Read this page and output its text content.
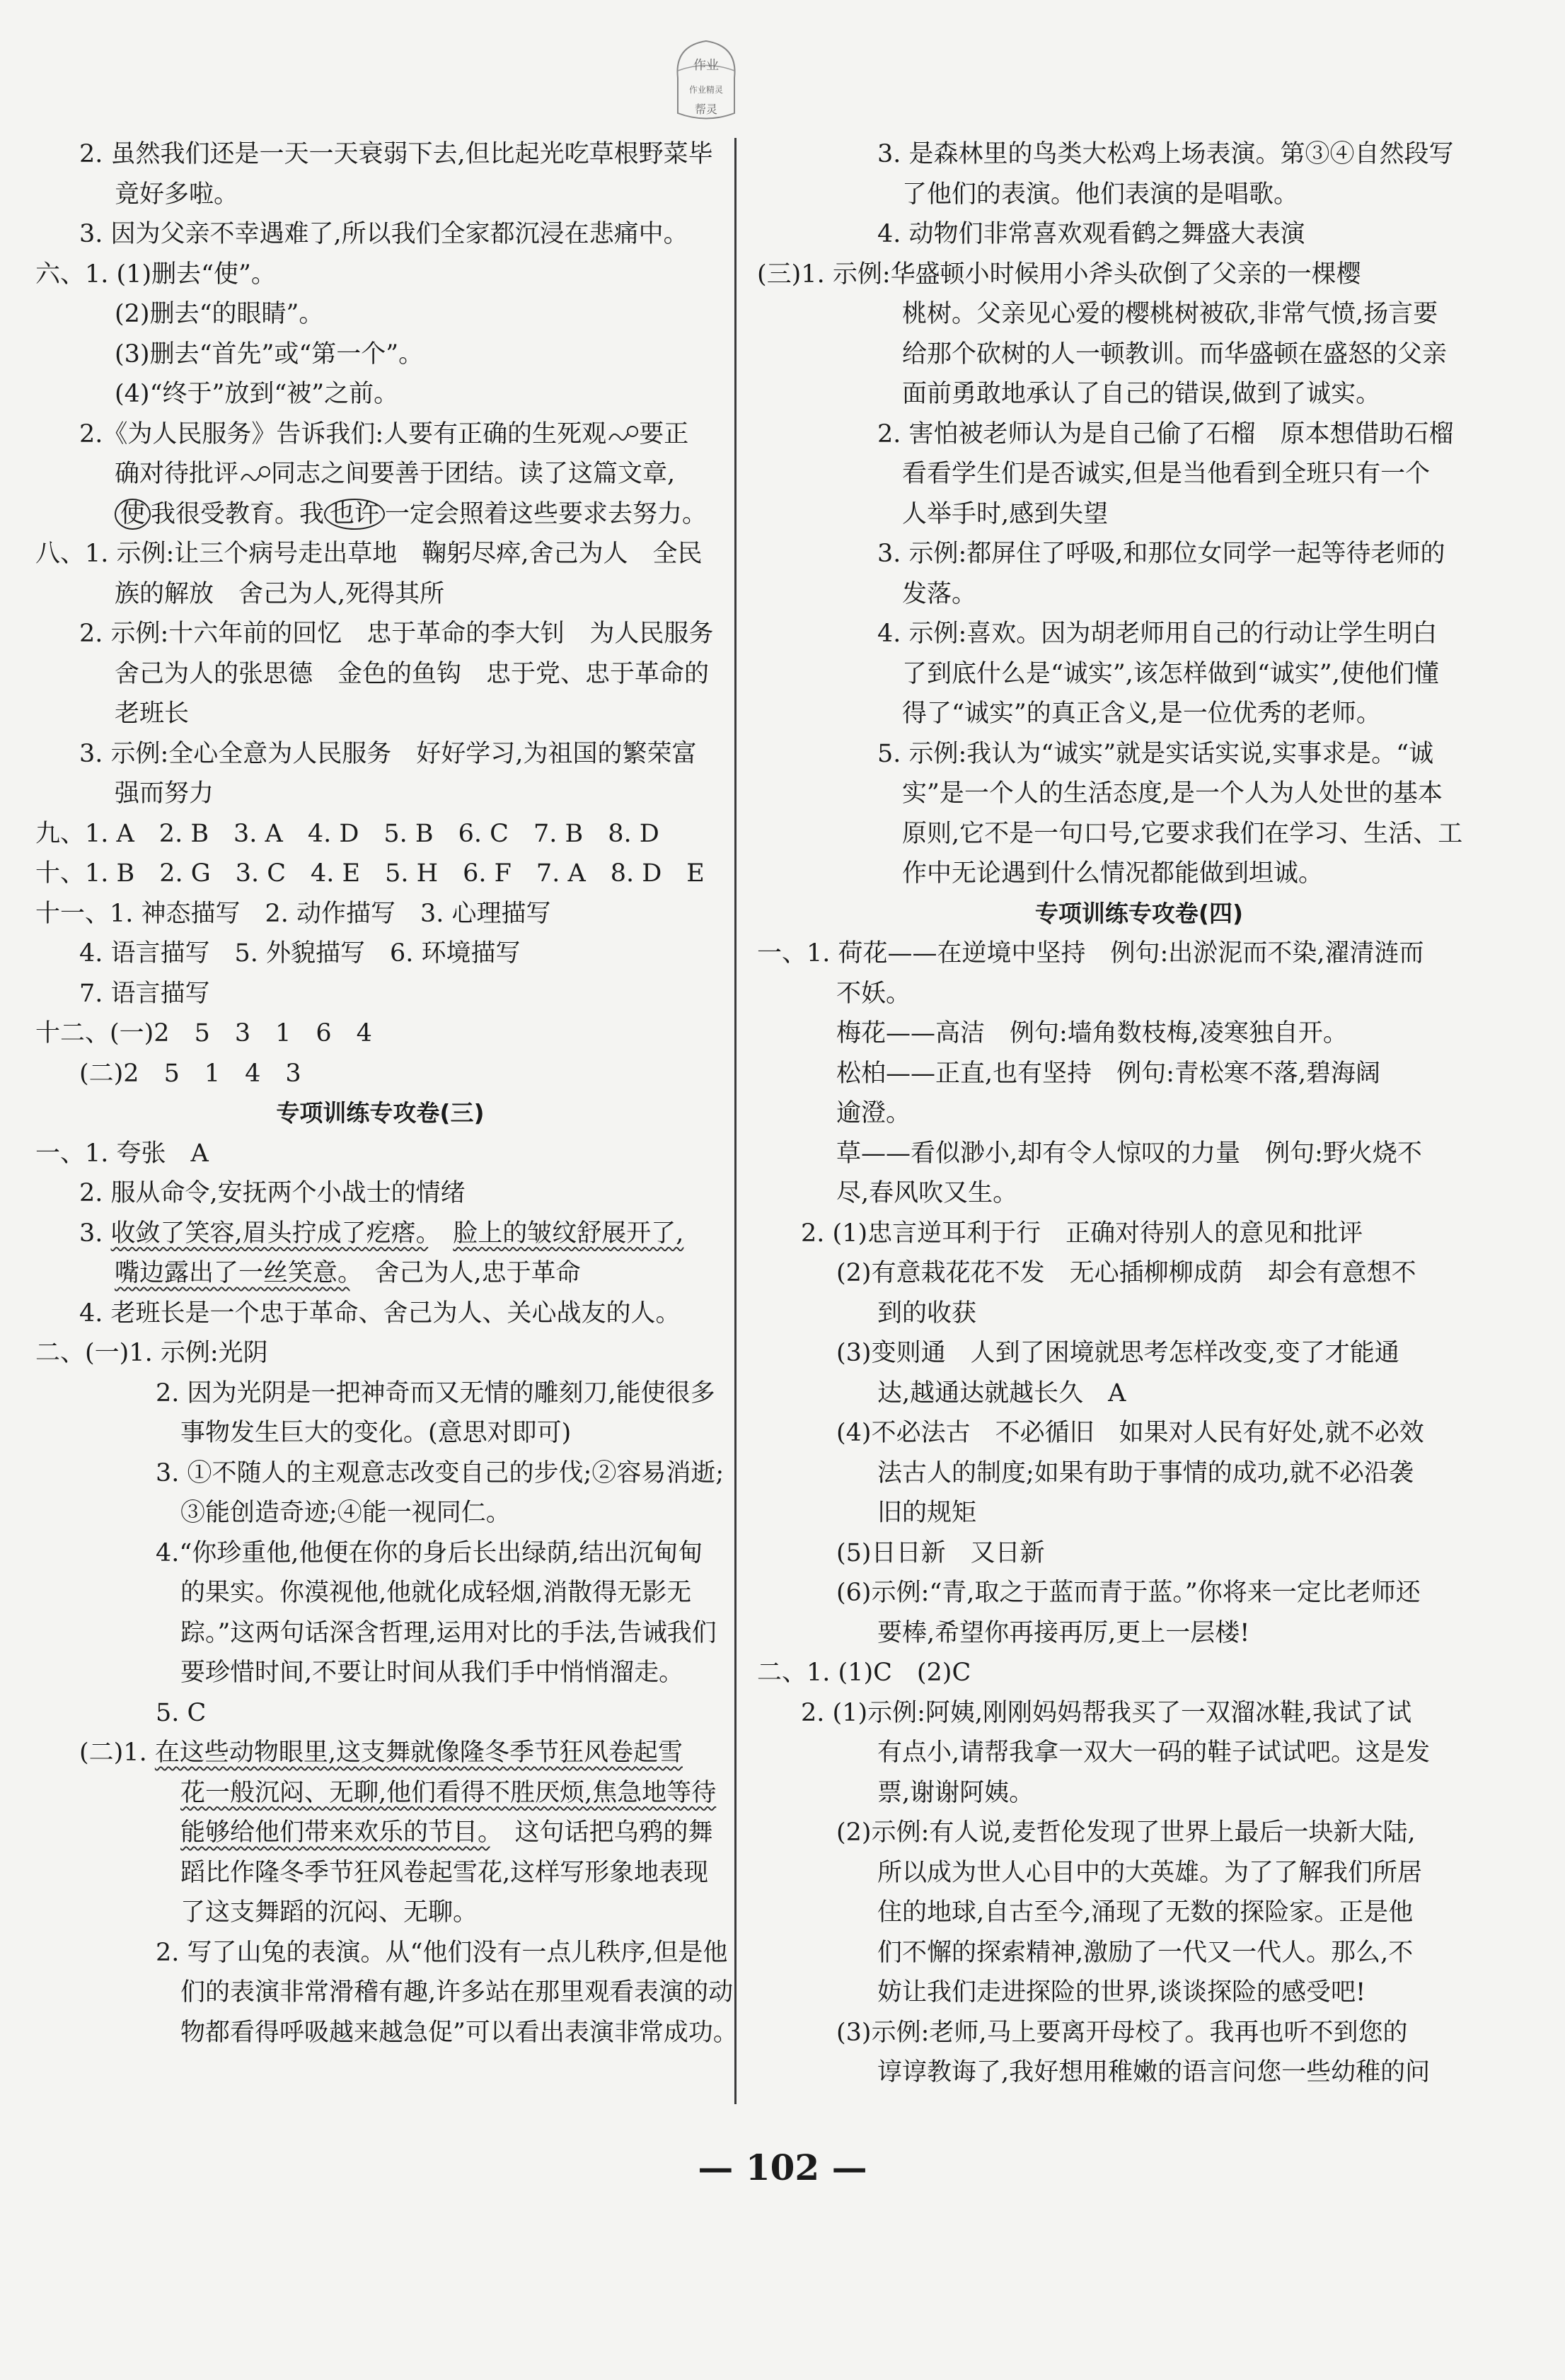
作业
作业精灵
帮灵
2. 虽然我们还是一天一天衰弱下去,但比起光吃草根野菜毕
竟好多啦。
3. 因为父亲不幸遇难了,所以我们全家都沉浸在悲痛中。
六、1. (1)删去“使”。
(2)删去“的眼睛”。
(3)删去“首先”或“第一个”。
(4)“终于”放到“被”之前。
2.《为人民服务》告诉我们:人要有正确的生死观 要正
确对待批评 同志之间要善于团结。读了这篇文章,
使 我很受教育。我 也许 一定会照着这些要求去努力。
八、1. 示例:让三个病号走出草地　鞠躬尽瘁,舍己为人　全民
族的解放　舍己为人,死得其所
2. 示例:十六年前的回忆　忠于革命的李大钊　为人民服务
舍己为人的张思德　金色的鱼钩　忠于党、忠于革命的
老班长
3. 示例:全心全意为人民服务　好好学习,为祖国的繁荣富
强而努力
九、1. A　2. B　3. A　4. D　5. B　6. C　7. B　8. D
十、1. B　2. G　3. C　4. E　5. H　6. F　7. A　8. D　E
十一、1. 神态描写　2. 动作描写　3. 心理描写
4. 语言描写　5. 外貌描写　6. 环境描写
7. 语言描写
十二、(一)2　5　3　1　6　4
(二)2　5　1　4　3
专项训练专攻卷(三)
一、1. 夸张　A
2. 服从命令,安抚两个小战士的情绪
3. 收敛了笑容,眉头拧成了疙瘩。　 脸上的皱纹舒展开了,
嘴边露出了一丝笑意。　舍己为人,忠于革命
4. 老班长是一个忠于革命、舍己为人、关心战友的人。
二、(一)1. 示例:光阴
2. 因为光阴是一把神奇而又无情的雕刻刀,能使很多
事物发生巨大的变化。(意思对即可)
3. ①不随人的主观意志改变自己的步伐;②容易消逝;
③能创造奇迹;④能一视同仁。
4.“你珍重他,他便在你的身后长出绿荫,结出沉甸甸
的果实。你漠视他,他就化成轻烟,消散得无影无
踪。”这两句话深含哲理,运用对比的手法,告诫我们
要珍惜时间,不要让时间从我们手中悄悄溜走。
5. C
(二)1. 在这些动物眼里,这支舞就像隆冬季节狂风卷起雪
花一般沉闷、无聊,他们看得不胜厌烦,焦急地等待
能够给他们带来欢乐的节目。　这句话把乌鸦的舞
蹈比作隆冬季节狂风卷起雪花,这样写形象地表现
了这支舞蹈的沉闷、无聊。
2. 写了山兔的表演。从“他们没有一点儿秩序,但是他
们的表演非常滑稽有趣,许多站在那里观看表演的动
物都看得呼吸越来越急促”可以看出表演非常成功。
3. 是森林里的鸟类大松鸡上场表演。第③④自然段写
了他们的表演。他们表演的是唱歌。
4. 动物们非常喜欢观看鹤之舞盛大表演
(三)1. 示例:华盛顿小时候用小斧头砍倒了父亲的一棵樱
桃树。父亲见心爱的樱桃树被砍,非常气愤,扬言要
给那个砍树的人一顿教训。而华盛顿在盛怒的父亲
面前勇敢地承认了自己的错误,做到了诚实。
2. 害怕被老师认为是自己偷了石榴　原本想借助石榴
看看学生们是否诚实,但是当他看到全班只有一个
人举手时,感到失望
3. 示例:都屏住了呼吸,和那位女同学一起等待老师的
发落。
4. 示例:喜欢。因为胡老师用自己的行动让学生明白
了到底什么是“诚实”,该怎样做到“诚实”,使他们懂
得了“诚实”的真正含义,是一位优秀的老师。
5. 示例:我认为“诚实”就是实话实说,实事求是。“诚
实”是一个人的生活态度,是一个人为人处世的基本
原则,它不是一句口号,它要求我们在学习、生活、工
作中无论遇到什么情况都能做到坦诚。
专项训练专攻卷(四)
一、1. 荷花——在逆境中坚持　例句:出淤泥而不染,濯清涟而
不妖。
梅花——高洁　例句:墙角数枝梅,凌寒独自开。
松柏——正直,也有坚持　例句:青松寒不落,碧海阔
逾澄。
草——看似渺小,却有令人惊叹的力量　例句:野火烧不
尽,春风吹又生。
2. (1)忠言逆耳利于行　正确对待别人的意见和批评
(2)有意栽花花不发　无心插柳柳成荫　却会有意想不
到的收获
(3)变则通　人到了困境就思考怎样改变,变了才能通
达,越通达就越长久　A
(4)不必法古　不必循旧　如果对人民有好处,就不必效
法古人的制度;如果有助于事情的成功,就不必沿袭
旧的规矩
(5)日日新　又日新
(6)示例:“青,取之于蓝而青于蓝。”你将来一定比老师还
要棒,希望你再接再厉,更上一层楼!
二、1. (1)C　(2)C
2. (1)示例:阿姨,刚刚妈妈帮我买了一双溜冰鞋,我试了试
有点小,请帮我拿一双大一码的鞋子试试吧。这是发
票,谢谢阿姨。
(2)示例:有人说,麦哲伦发现了世界上最后一块新大陆,
所以成为世人心目中的大英雄。为了了解我们所居
住的地球,自古至今,涌现了无数的探险家。正是他
们不懈的探索精神,激励了一代又一代人。那么,不
妨让我们走进探险的世界,谈谈探险的感受吧!
(3)示例:老师,马上要离开母校了。我再也听不到您的
谆谆教诲了,我好想用稚嫩的语言问您一些幼稚的问
— 102 —
